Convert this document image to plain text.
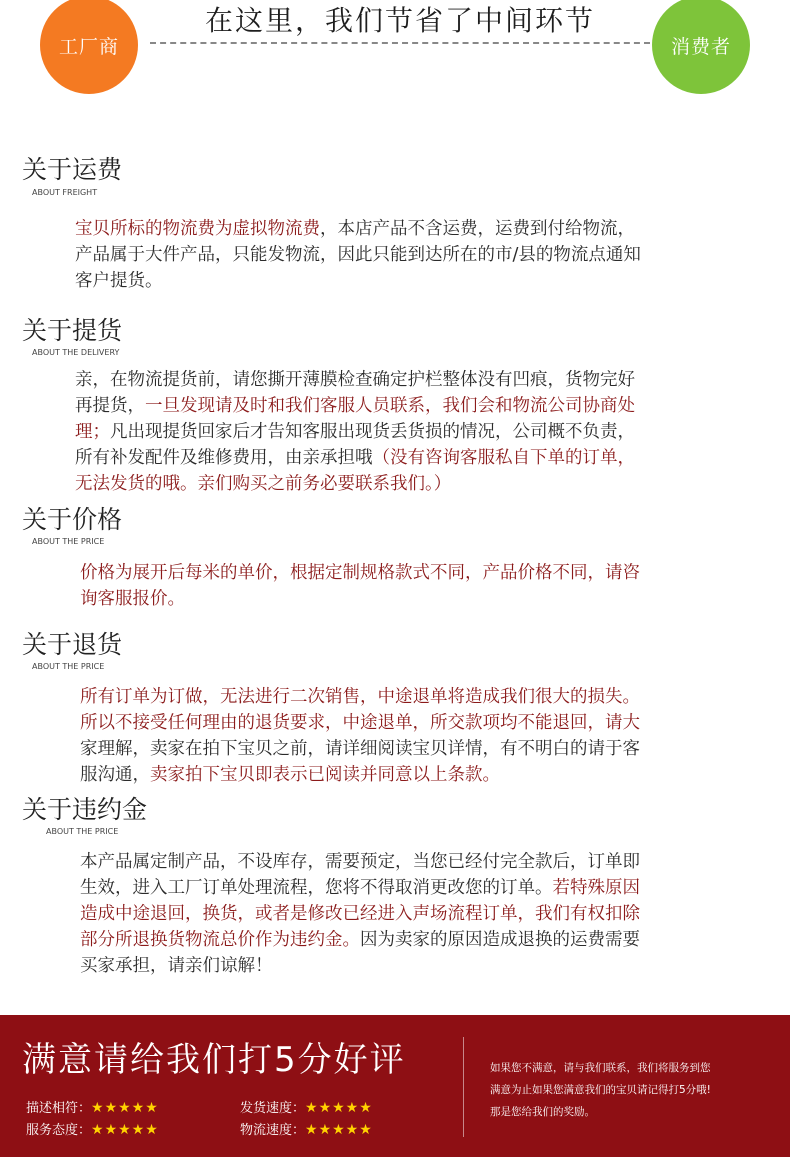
工厂商
在这里，我们节省了中间环节
消费者
关于运费
ABOUT FREIGHT
宝贝所标的物流费为虚拟物流费，本店产品不含运费，运费到付给物流，
产品属于大件产品，只能发物流，因此只能到达所在的市/县的物流点通知
客户提货。
关于提货
ABOUT THE DELIVERY
亲，在物流提货前，请您撕开薄膜检查确定护栏整体没有凹痕，货物完好
再提货，一旦发现请及时和我们客服人员联系，我们会和物流公司协商处
理；凡出现提货回家后才告知客服出现货丢货损的情况，公司概不负责，
所有补发配件及维修费用，由亲承担哦（没有咨询客服私自下单的订单，
无法发货的哦。亲们购买之前务必要联系我们。）
关于价格
ABOUT THE PRICE
价格为展开后每米的单价，根据定制规格款式不同，产品价格不同，请咨
询客服报价。
关于退货
ABOUT THE PRICE
所有订单为订做，无法进行二次销售，中途退单将造成我们很大的损失。
所以不接受任何理由的退货要求，中途退单，所交款项均不能退回，请大
家理解，卖家在拍下宝贝之前，请详细阅读宝贝详情，有不明白的请于客
服沟通，卖家拍下宝贝即表示已阅读并同意以上条款。
关于违约金
ABOUT THE PRICE
本产品属定制产品，不设库存，需要预定，当您已经付完全款后，订单即
生效，进入工厂订单处理流程，您将不得取消更改您的订单。若特殊原因
造成中途退回，换货，或者是修改已经进入声场流程订单，我们有权扣除
部分所退换货物流总价作为违约金。因为卖家的原因造成退换的运费需要
买家承担，请亲们谅解！
满意请给我们打5分好评	如果您不满意，请与我们联系，我们将服务到您
满意为止如果您满意我们的宝贝请记得打5分哦!
那是您给我们的奖励。
描述相符：★★★★★	发货速度：★★★★★
服务态度：★★★★★	物流速度：★★★★★
